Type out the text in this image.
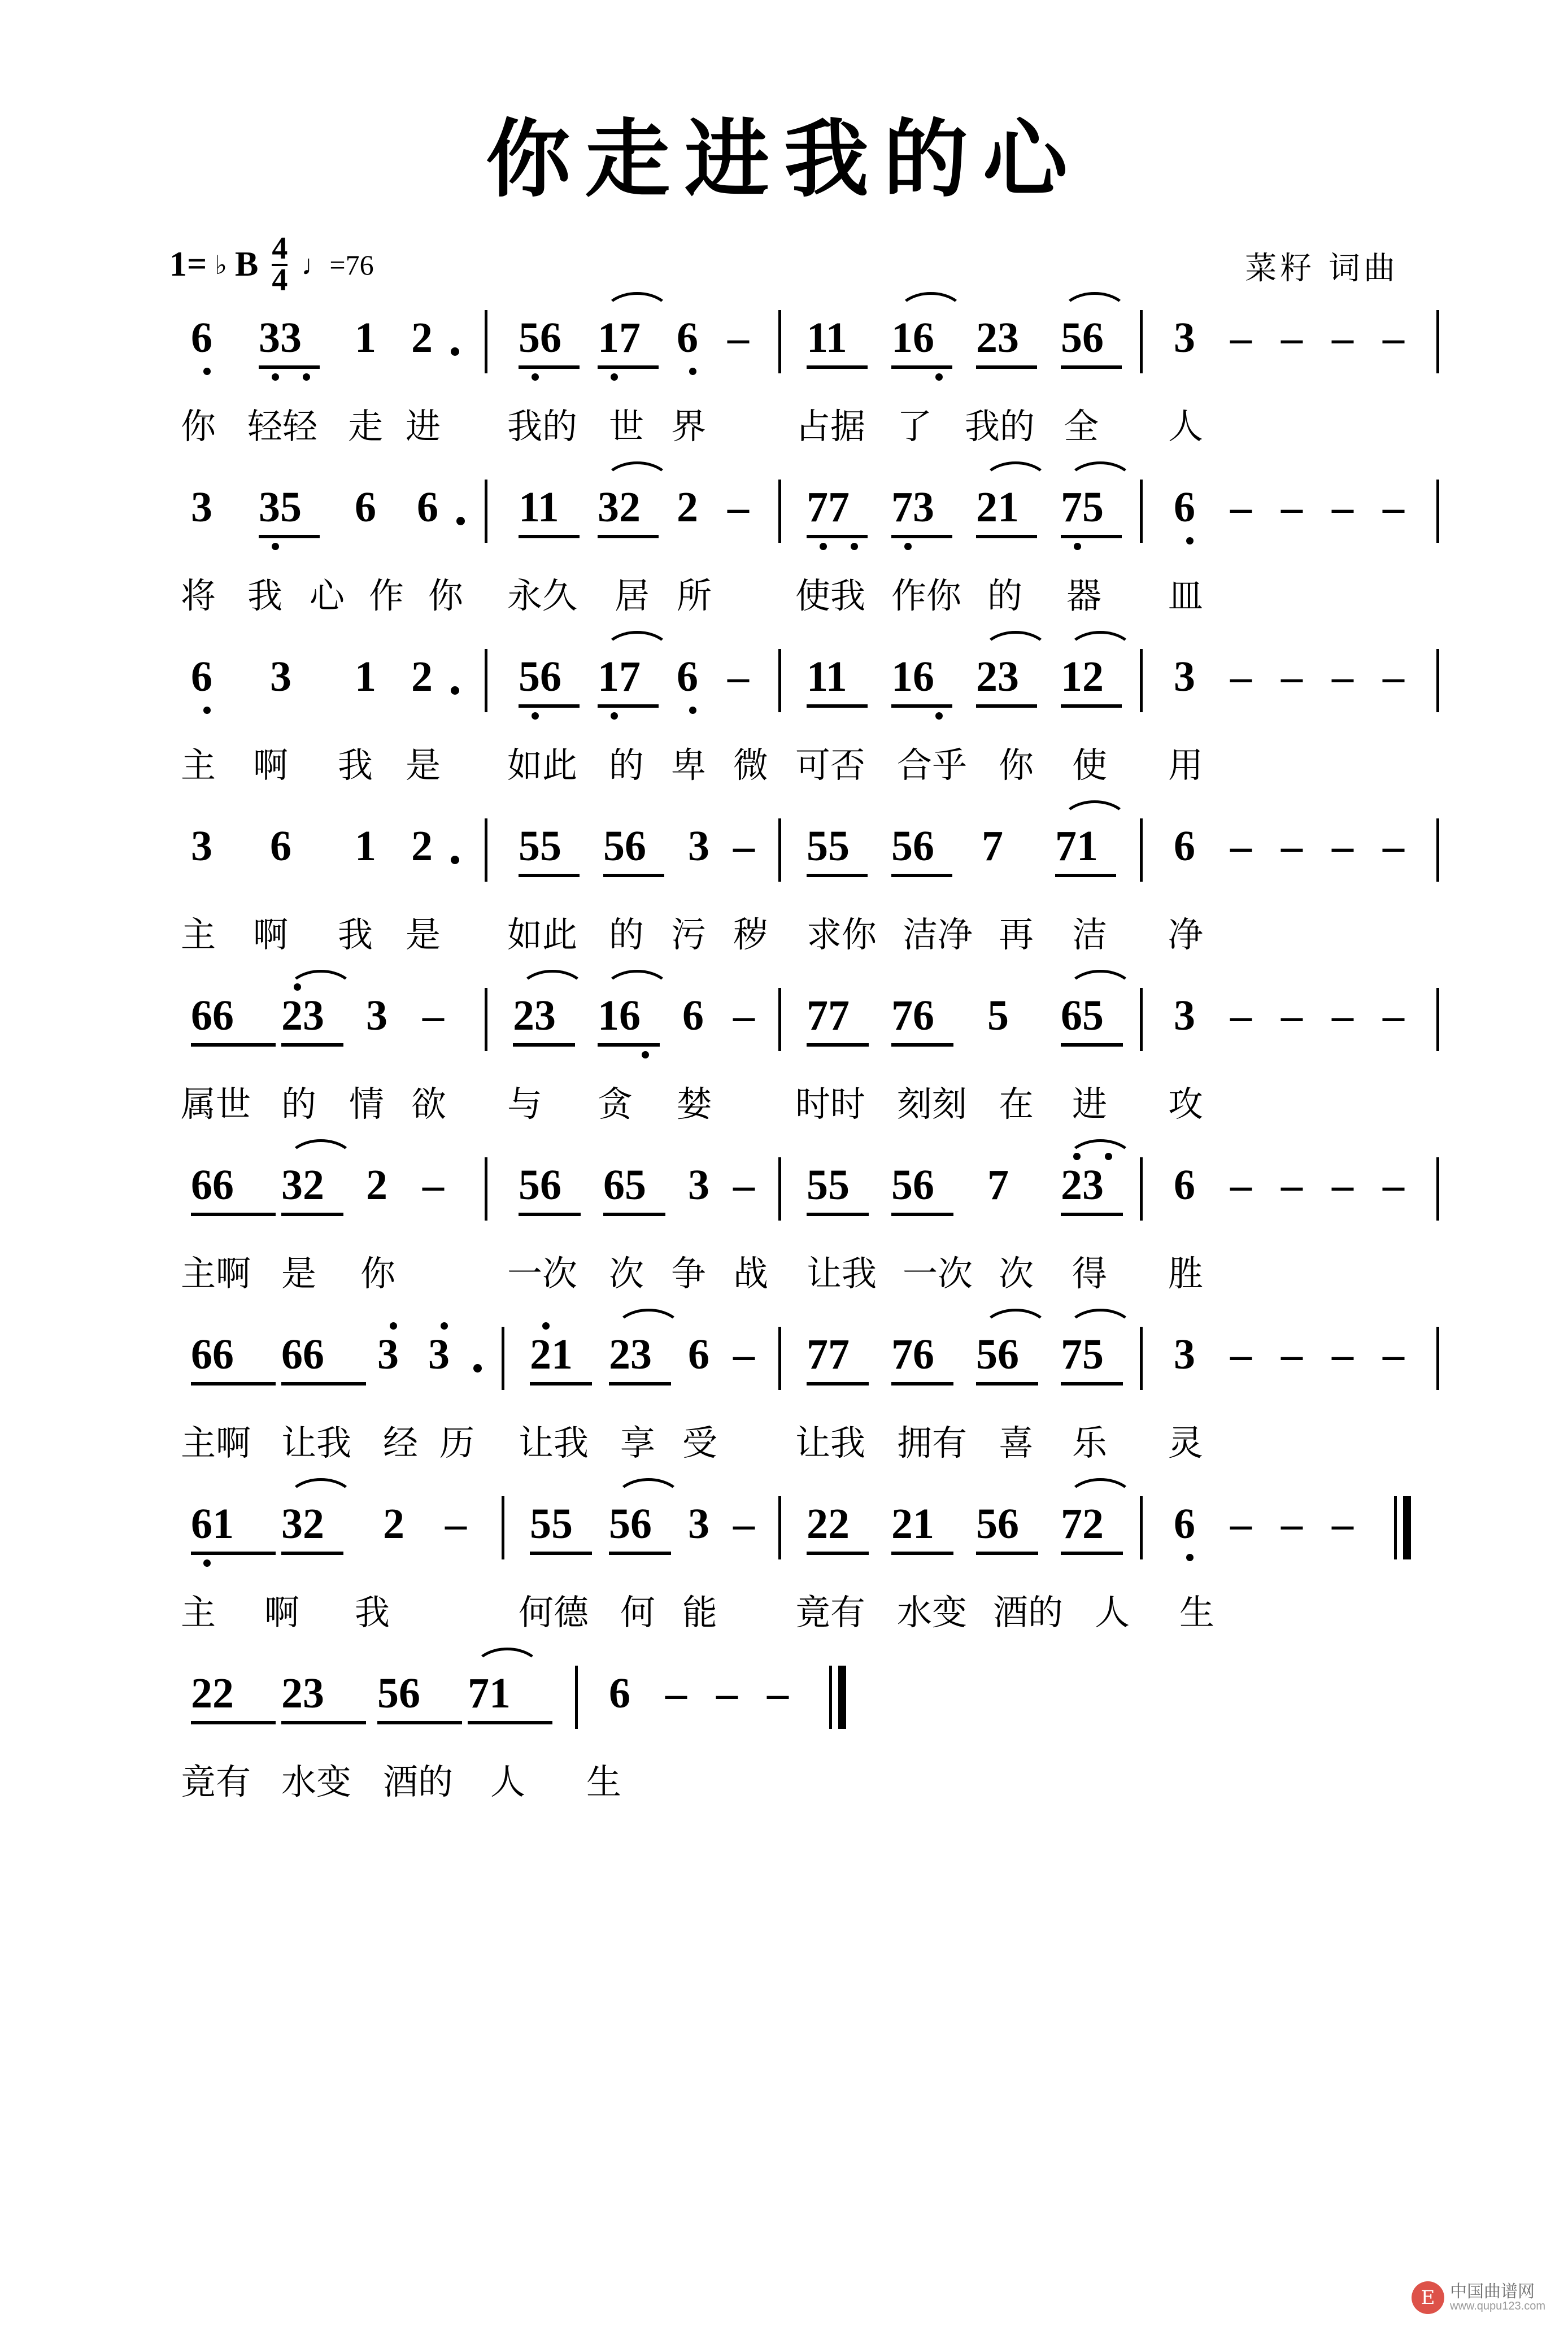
你走进我的心
1= ♭ B $\frac{4}{4}$ ♩=76	菜籽 词曲
6 33 1 2 56 17 6 – 11 16 23 56 3 – – – –
你 轻轻 走 进 我的 世 界	占据 了 我的 全 人
3 35 6 6 11 32 2 – 77 73 21 75 6 – – – –
将 我 心 作 你 永久 居 所 使我 作你 的 器 皿
6 3 1 2 56 17 6 – 11 16 23 12 3 – – – –
主 啊 我 是 如此 的 卑 微 可否 合乎 你 使 用
3 6 1 2 55 56 3 – 55 56 7 71 6 – – – –
主 啊 我 是 如此 的 污 秽 求你 洁净 再 洁 净
66 23 3 – 23 16 6 – 77 76 5 65 3 – – – –
属世 的 情 欲 与 贪 婪 时时 刻刻 在 进 攻
66 32 2 – 56 65 3 – 55 56 7 23 6 – – – –
主啊 是 你	一次 次 争 战 让我 一次 次 得 胜
66 66 3 3 21 23 6 – 77 76 56 75 3 – – – –
主啊 让我 经 历 让我 享 受 让我 拥有 喜 乐 灵
61 32 2 – 55 56 3 – 22 21 56 72 6 – – –
主 啊 我	何德 何 能 竟有 水变 酒的 人 生
22 23 56 71 6 – – –
竟有 水变 酒的 人 生
E 中国曲谱网
www.qupu123.com
